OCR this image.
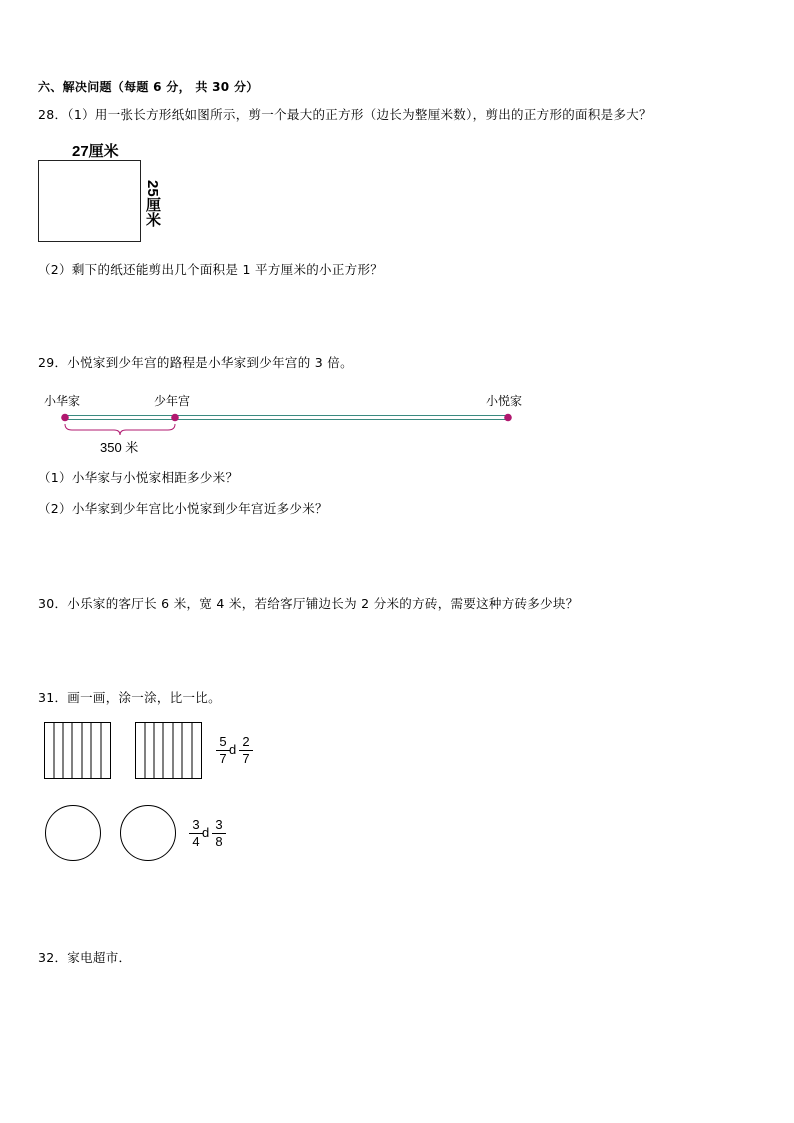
六、解决问题（每题 6 分， 共 30 分）
28．（1）用一张长方形纸如图所示，剪一个最大的正方形（边长为整厘米数），剪出的正方形的面积是多大？
27厘米
25厘米
（2）剩下的纸还能剪出几个面积是 1 平方厘米的小正方形？
29．小悦家到少年宫的路程是小华家到少年宫的 3 倍。
小华家	少年宫	小悦家
350 米
（1）小华家与小悦家相距多少米？
（2）小华家到少年宫比小悦家到少年宫近多少米？
30．小乐家的客厅长 6 米，宽 4 米，若给客厅铺边长为 2 分米的方砖，需要这种方砖多少块？
31．画一画，涂一涂，比一比。
$\frac{5}{7}$ d $\frac{2}{7}$
$\frac{3}{4}$ d $\frac{3}{8}$
32．家电超市．
